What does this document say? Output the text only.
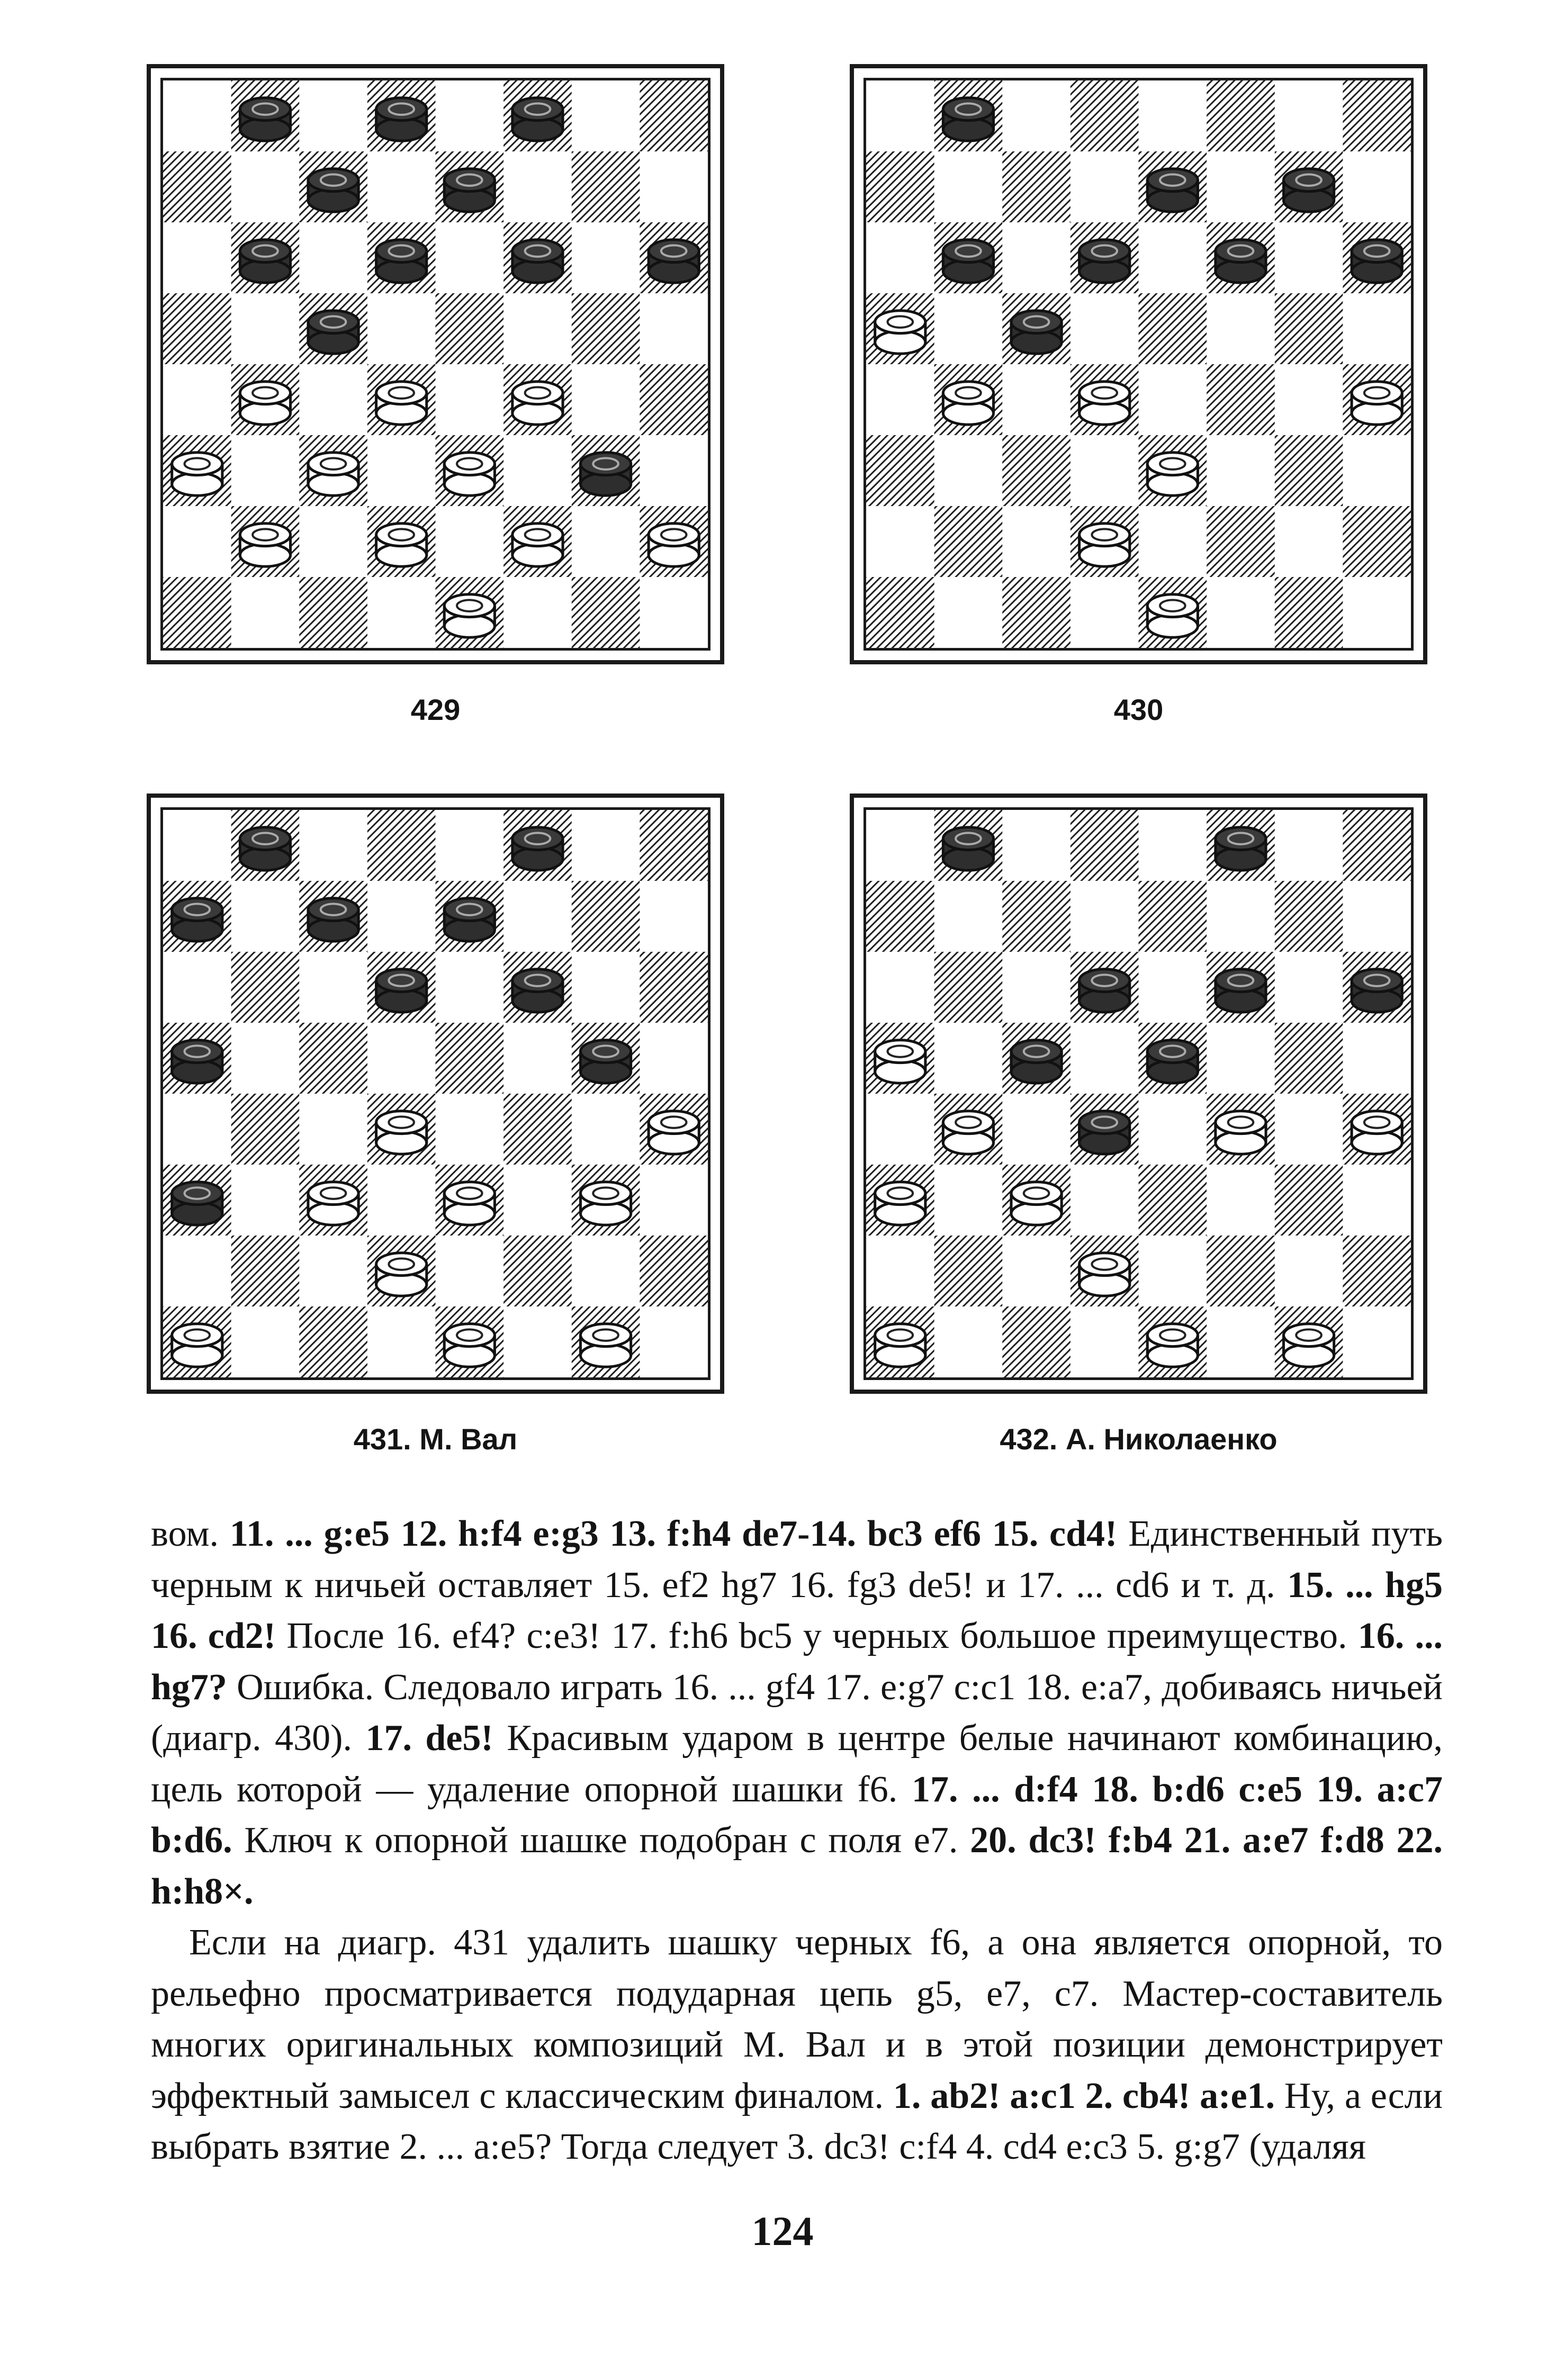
429	430
431. М. Вал	432. А. Николаенко

вом. 11. ... g:e5 12. h:f4 e:g3 13. f:h4 de7-14. bc3 ef6 15. cd4! Единственный путь черным к ничьей оставляет 15. ef2 hg7 16. fg3 de5! и 17. ... cd6 и т. д. 15. ... hg5 16. cd2! После 16. ef4? c:e3! 17. f:h6 bc5 у черных большое преимущество. 16. ... hg7? Ошибка. Следовало играть 16. ... gf4 17. e:g7 c:c1 18. e:a7, добиваясь ничьей (диагр. 430). 17. de5! Красивым ударом в центре белые начинают комбинацию, цель которой — удаление опорной шашки f6. 17. ... d:f4 18. b:d6 c:e5 19. a:c7 b:d6. Ключ к опорной шашке подобран с поля e7. 20. dc3! f:b4 21. a:e7 f:d8 22. h:h8×.

Если на диагр. 431 удалить шашку черных f6, а она является опорной, то рельефно просматривается подударная цепь g5, e7, c7. Мастер-составитель многих оригинальных композиций М. Вал и в этой позиции демонстрирует эффектный замысел с классическим финалом. 1. ab2! a:c1 2. cb4! a:e1. Ну, а если выбрать взятие 2. ... a:e5? Тогда следует 3. dc3! c:f4 4. cd4 e:c3 5. g:g7 (удаляя

124
